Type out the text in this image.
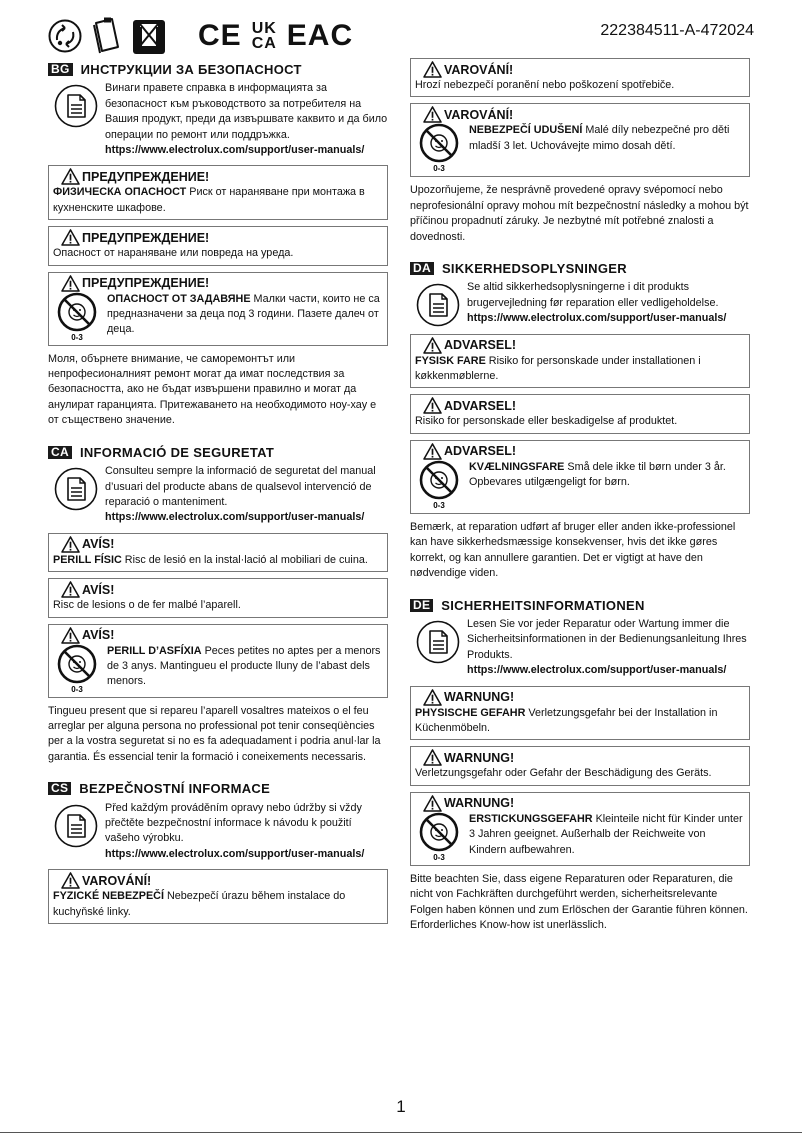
CE UK
CA EAC	222384511-A-472024
BG ИНСТРУКЦИИ ЗА БЕЗОПАСНОСТ
Винаги правете справка в информацията за безопасност към ръководството за потребителя на Вашия продукт, преди да извършвате каквито и да било операции по ремонт или поддръжка.
https://www.electrolux.com/support/user-manuals/
ПРЕДУПРЕЖДЕНИЕ!
ФИЗИЧЕСКА ОПАСНОСТ Риск от нараняване при монтажа в кухненските шкафове.
ПРЕДУПРЕЖДЕНИЕ!
Опасност от нараняване или повреда на уреда.
ПРЕДУПРЕЖДЕНИЕ!
0-3
ОПАСНОСТ ОТ ЗАДАВЯНЕ Малки части, които не са предназначени за деца под 3 години. Пазете далеч от деца.
Моля, обърнете внимание, че саморемонтът или непрофесионалният ремонт могат да имат последствия за безопасността, ако не бъдат извършени правилно и могат да анулират гаранцията. Притежаването на необходимото ноу-хау е от съществено значение.
CA INFORMACIÓ DE SEGURETAT
Consulteu sempre la informació de seguretat del manual d’usuari del producte abans de qualsevol intervenció de reparació o manteniment.
https://www.electrolux.com/support/user-manuals/
AVÍS!
PERILL FÍSIC Risc de lesió en la instal·lació al mobiliari de cuina.
AVÍS!
Risc de lesions o de fer malbé l’aparell.
AVÍS!
0-3
PERILL D’ASFÍXIA Peces petites no aptes per a menors de 3 anys. Mantingueu el producte lluny de l’abast dels menors.
Tingueu present que si repareu l’aparell vosaltres mateixos o el feu arreglar per alguna persona no professional pot tenir conseqüències per a la vostra seguretat si no es fa adequadament i podria anul·lar la garantia. És essencial tenir la formació i coneixements necessaris.
CS BEZPEČNOSTNÍ INFORMACE
Před každým prováděním opravy nebo údržby si vždy přečtěte bezpečnostní informace k návodu k použití vašeho výrobku.
https://www.electrolux.com/support/user-manuals/
VAROVÁNÍ!
FYZICKÉ NEBEZPEČÍ Nebezpečí úrazu během instalace do kuchyňské linky.
VAROVÁNÍ!
Hrozí nebezpečí poranění nebo poškození spotřebiče.
VAROVÁNÍ!
0-3
NEBEZPEČÍ UDUŠENÍ Malé díly nebezpečné pro děti mladší 3 let. Uchovávejte mimo dosah dětí.
Upozorňujeme, že nesprávně provedené opravy svépomocí nebo neprofesionální opravy mohou mít bezpečnostní následky a mohou být příčinou propadnutí záruky. Je nezbytné mít potřebné znalosti a dovednosti.
DA SIKKERHEDSOPLYSNINGER
Se altid sikkerhedsoplysningerne i dit produkts brugervejledning før reparation eller vedligeholdelse.
https://www.electrolux.com/support/user-manuals/
ADVARSEL!
FYSISK FARE Risiko for personskade under installationen i køkkenmøblerne.
ADVARSEL!
Risiko for personskade eller beskadigelse af produktet.
ADVARSEL!
0-3
KVÆLNINGSFARE Små dele ikke til børn under 3 år. Opbevares utilgængeligt for børn.
Bemærk, at reparation udført af bruger eller anden ikke-professionel kan have sikkerhedsmæssige konsekvenser, hvis det ikke gøres korrekt, og kan annullere garantien. Det er vigtigt at have den nødvendige viden.
DE SICHERHEITSINFORMATIONEN
Lesen Sie vor jeder Reparatur oder Wartung immer die Sicherheitsinformationen in der Bedienungsanleitung Ihres Produkts.
https://www.electrolux.com/support/user-manuals/
WARNUNG!
PHYSISCHE GEFAHR Verletzungsgefahr bei der Installation in Küchenmöbeln.
WARNUNG!
Verletzungsgefahr oder Gefahr der Beschädigung des Geräts.
WARNUNG!
0-3
ERSTICKUNGSGEFAHR Kleinteile nicht für Kinder unter 3 Jahren geeignet. Außerhalb der Reichweite von Kindern aufbewahren.
Bitte beachten Sie, dass eigene Reparaturen oder Reparaturen, die nicht von Fachkräften durchgeführt werden, sicherheitsrelevante Folgen haben können und zum Erlöschen der Garantie führen können. Erforderliches Know-how ist unerlässlich.
1
